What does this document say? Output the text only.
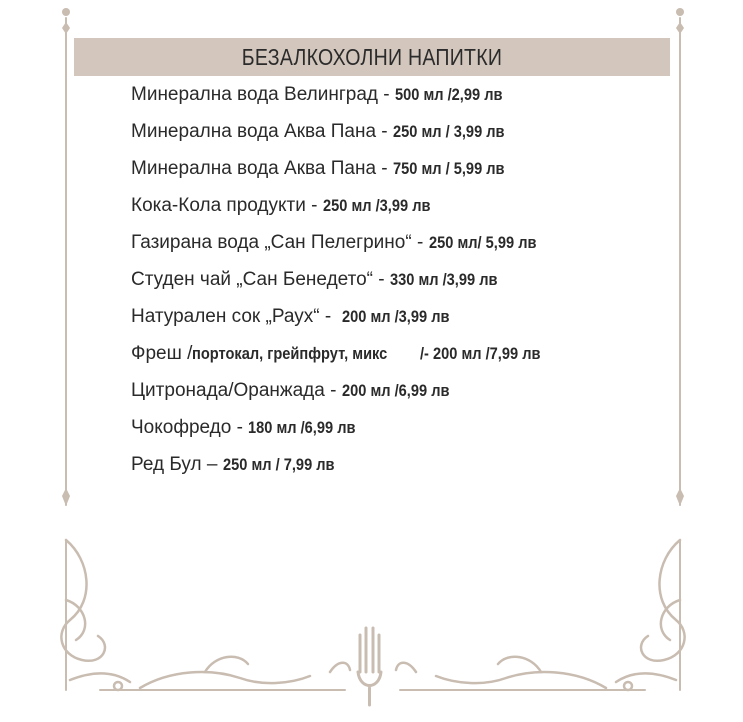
БЕЗАЛКОХОЛНИ НАПИТКИ
Минерална вода Велинград - 500 мл /2,99 лв
Минерална вода Аква Пана - 250 мл / 3,99 лв
Минерална вода Аква Пана - 750 мл / 5,99 лв
Кока-Кола продукти - 250 мл /3,99 лв
Газирана вода „Сан Пелегрино“ - 250 мл/ 5,99 лв
Студен чай „Сан Бенедето“ - 330 мл /3,99 лв
Натурален сок „Раух“ -  200 мл /3,99 лв
Фреш /портокал, грейпфрут, микс /- 200 мл /7,99 лв
Цитронада/Оранжада - 200 мл /6,99 лв
Чокофредо - 180 мл /6,99 лв
Ред Бул – 250 мл / 7,99 лв
